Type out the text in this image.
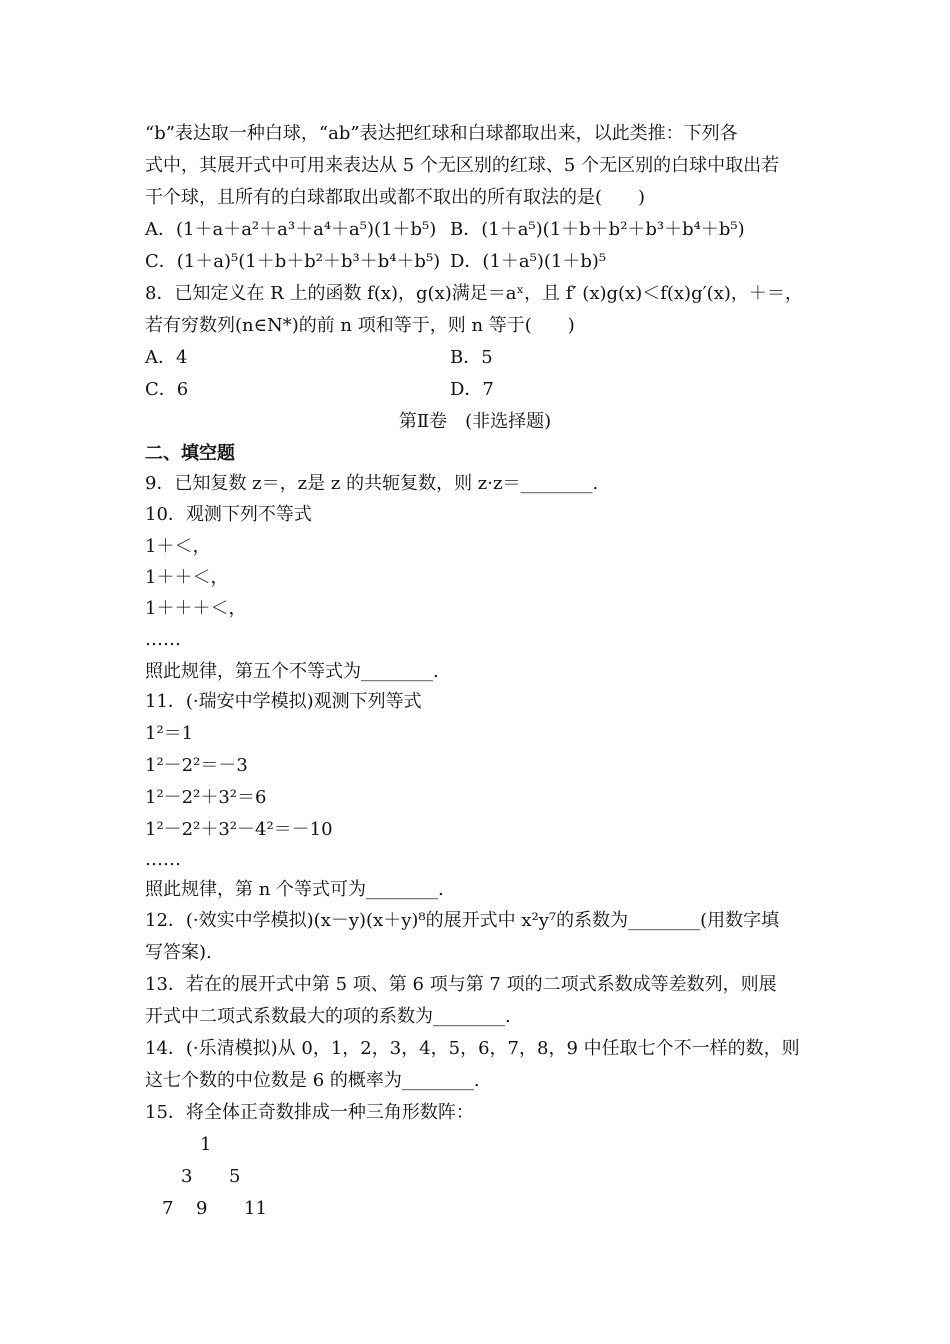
“b”表达取一种白球，“ab”表达把红球和白球都取出来，以此类推：下列各
式中，其展开式中可用来表达从 5 个无区别的红球、5 个无区别的白球中取出若
干个球，且所有的白球都取出或都不取出的所有取法的是(　　)
A．(1＋a＋a²＋a³＋a⁴＋a⁵)(1＋b⁵) B．(1＋a⁵)(1＋b＋b²＋b³＋b⁴＋b⁵)
C．(1＋a)⁵(1＋b＋b²＋b³＋b⁴＋b⁵) D．(1＋a⁵)(1＋b)⁵
8．已知定义在 R 上的函数 f(x)，g(x)满足＝aˣ，且 f′ (x)g(x)＜f(x)g′(x)，＋＝，
若有穷数列(n∈N*)的前 n 项和等于，则 n 等于(　　)
A．4	B．5
C．6	D．7
第Ⅱ卷　(非选择题)
二、填空题
9．已知复数 z＝，z是 z 的共轭复数，则 z·z＝________.
10．观测下列不等式
1＋＜，
1＋＋＜，
1＋＋＋＜，
……
照此规律，第五个不等式为________.
11．(·瑞安中学模拟)观测下列等式
1²＝1
1²－2²＝－3
1²－2²＋3²＝6
1²－2²＋3²－4²＝－10
……
照此规律，第 n 个等式可为________.
12．(·效实中学模拟)(x－y)(x＋y)⁸的展开式中 x²y⁷的系数为________(用数字填
写答案).
13．若在的展开式中第 5 项、第 6 项与第 7 项的二项式系数成等差数列，则展
开式中二项式系数最大的项的系数为________.
14．(·乐清模拟)从 0，1，2，3，4，5，6，7，8，9 中任取七个不一样的数，则
这七个数的中位数是 6 的概率为________.
15．将全体正奇数排成一种三角形数阵：
1
3 5
7 9 11
